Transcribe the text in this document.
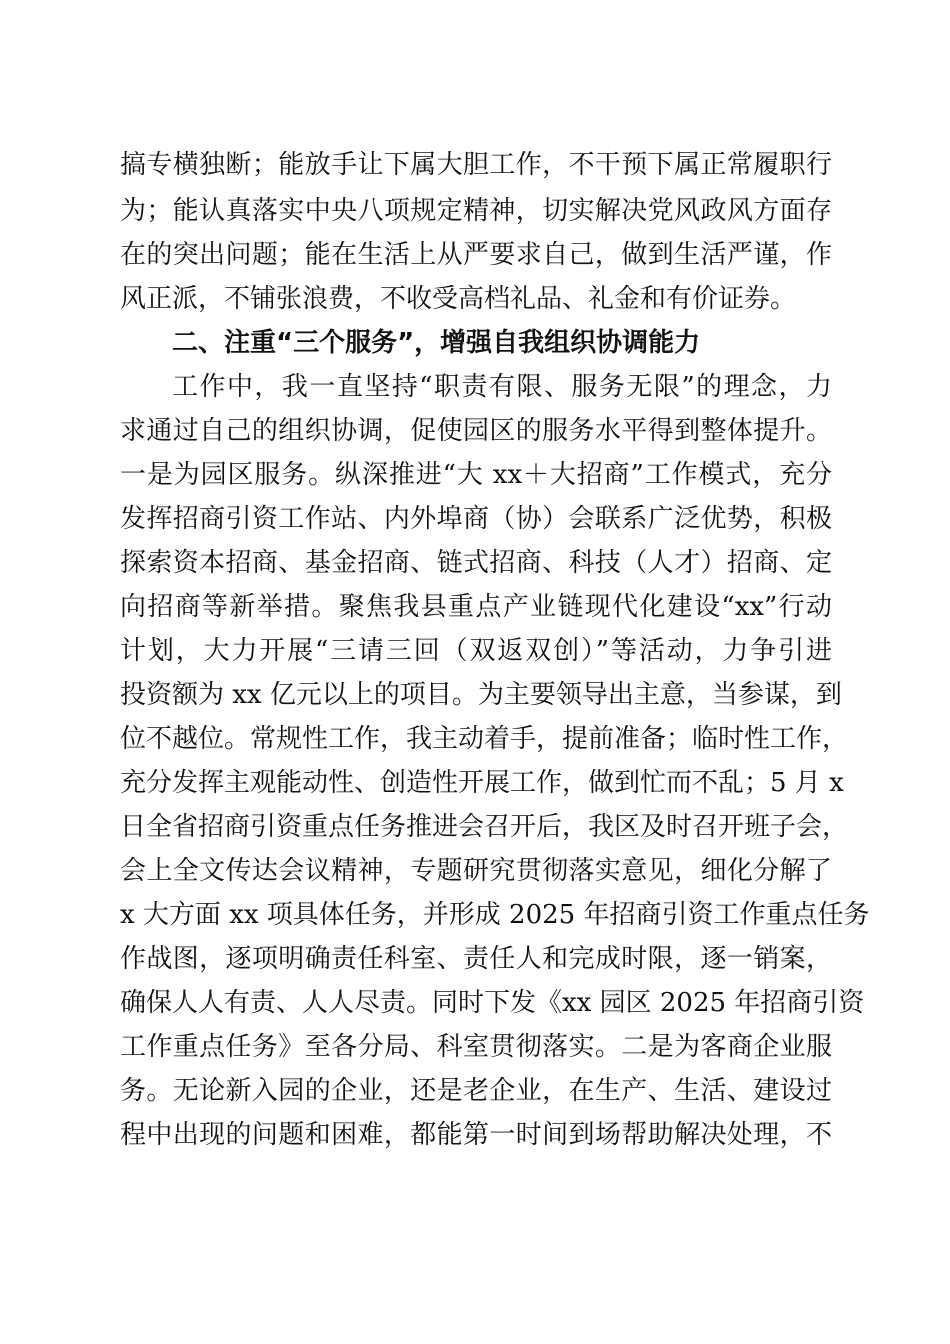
搞专横独断；能放手让下属大胆工作，不干预下属正常履职行
为；能认真落实中央八项规定精神，切实解决党风政风方面存
在的突出问题；能在生活上从严要求自己，做到生活严谨，作
风正派，不铺张浪费，不收受高档礼品、礼金和有价证券。
二、注重“三个服务”，增强自我组织协调能力
工作中，我一直坚持“职责有限、服务无限”的理念，力
求通过自己的组织协调，促使园区的服务水平得到整体提升。
一是为园区服务。纵深推进“大 xx＋大招商”工作模式，充分
发挥招商引资工作站、内外埠商（协）会联系广泛优势，积极
探索资本招商、基金招商、链式招商、科技（人才）招商、定
向招商等新举措。聚焦我县重点产业链现代化建设“xx”行动
计划，大力开展“三请三回（双返双创）”等活动，力争引进
投资额为 xx 亿元以上的项目。为主要领导出主意，当参谋，到
位不越位。常规性工作，我主动着手，提前准备；临时性工作，
充分发挥主观能动性、创造性开展工作，做到忙而不乱；5 月 x
日全省招商引资重点任务推进会召开后，我区及时召开班子会，
会上全文传达会议精神，专题研究贯彻落实意见，细化分解了
x 大方面 xx 项具体任务，并形成 2025 年招商引资工作重点任务
作战图，逐项明确责任科室、责任人和完成时限，逐一销案，
确保人人有责、人人尽责。同时下发《xx 园区 2025 年招商引资
工作重点任务》至各分局、科室贯彻落实。二是为客商企业服
务。无论新入园的企业，还是老企业，在生产、生活、建设过
程中出现的问题和困难，都能第一时间到场帮助解决处理，不
